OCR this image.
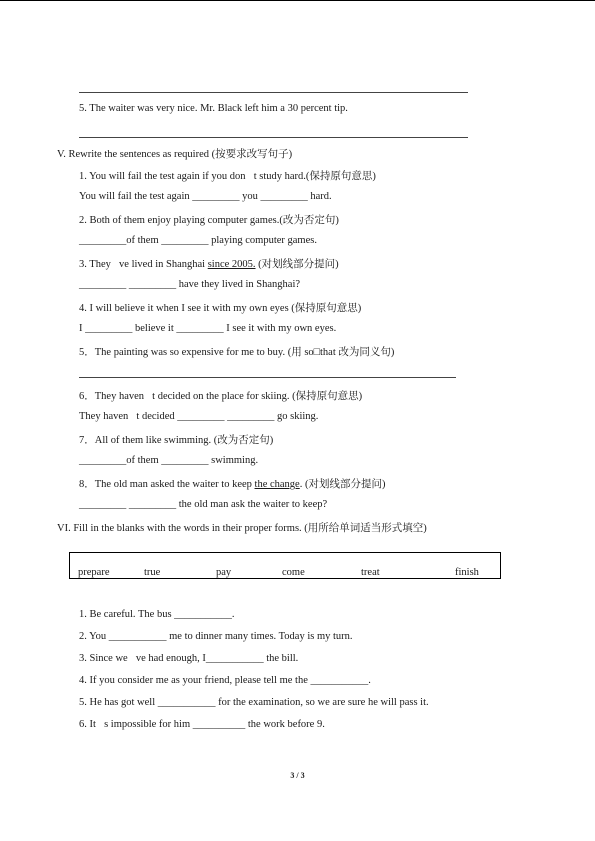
5. The waiter was very nice. Mr. Black left him a 30 percent tip.
V. Rewrite the sentences as required (按要求改写句子)
1. You will fail the test again if you don t study hard.(保持原句意思)
You will fail the test again _________ you _________ hard.
2. Both of them enjoy playing computer games.(改为否定句)
_________of them _________ playing computer games.
3. They ve lived in Shanghai since 2005. (对划线部分提问)
_________ _________ have they lived in Shanghai?
4. I will believe it when I see it with my own eyes (保持原句意思)
I _________ believe it _________ I see it with my own eyes.
5．The painting was so expensive for me to buy. (用 so□that 改为同义句)
6．They haven t decided on the place for skiing. (保持原句意思)
They haven t decided _________ _________ go skiing.
7．All of them like swimming. (改为否定句)
_________of them _________ swimming.
8．The old man asked the waiter to keep the change. (对划线部分提问)
_________ _________ the old man ask the waiter to keep?
VI. Fill in the blanks with the words in their proper forms. (用所给单词适当形式填空)
prepare	true	pay	come	treat	finish
1. Be careful. The bus ___________.
2. You ___________ me to dinner many times. Today is my turn.
3. Since we ve had enough, I___________ the bill.
4. If you consider me as your friend, please tell me the ___________.
5. He has got well ___________ for the examination, so we are sure he will pass it.
6. It s impossible for him __________ the work before 9.
3 / 3
